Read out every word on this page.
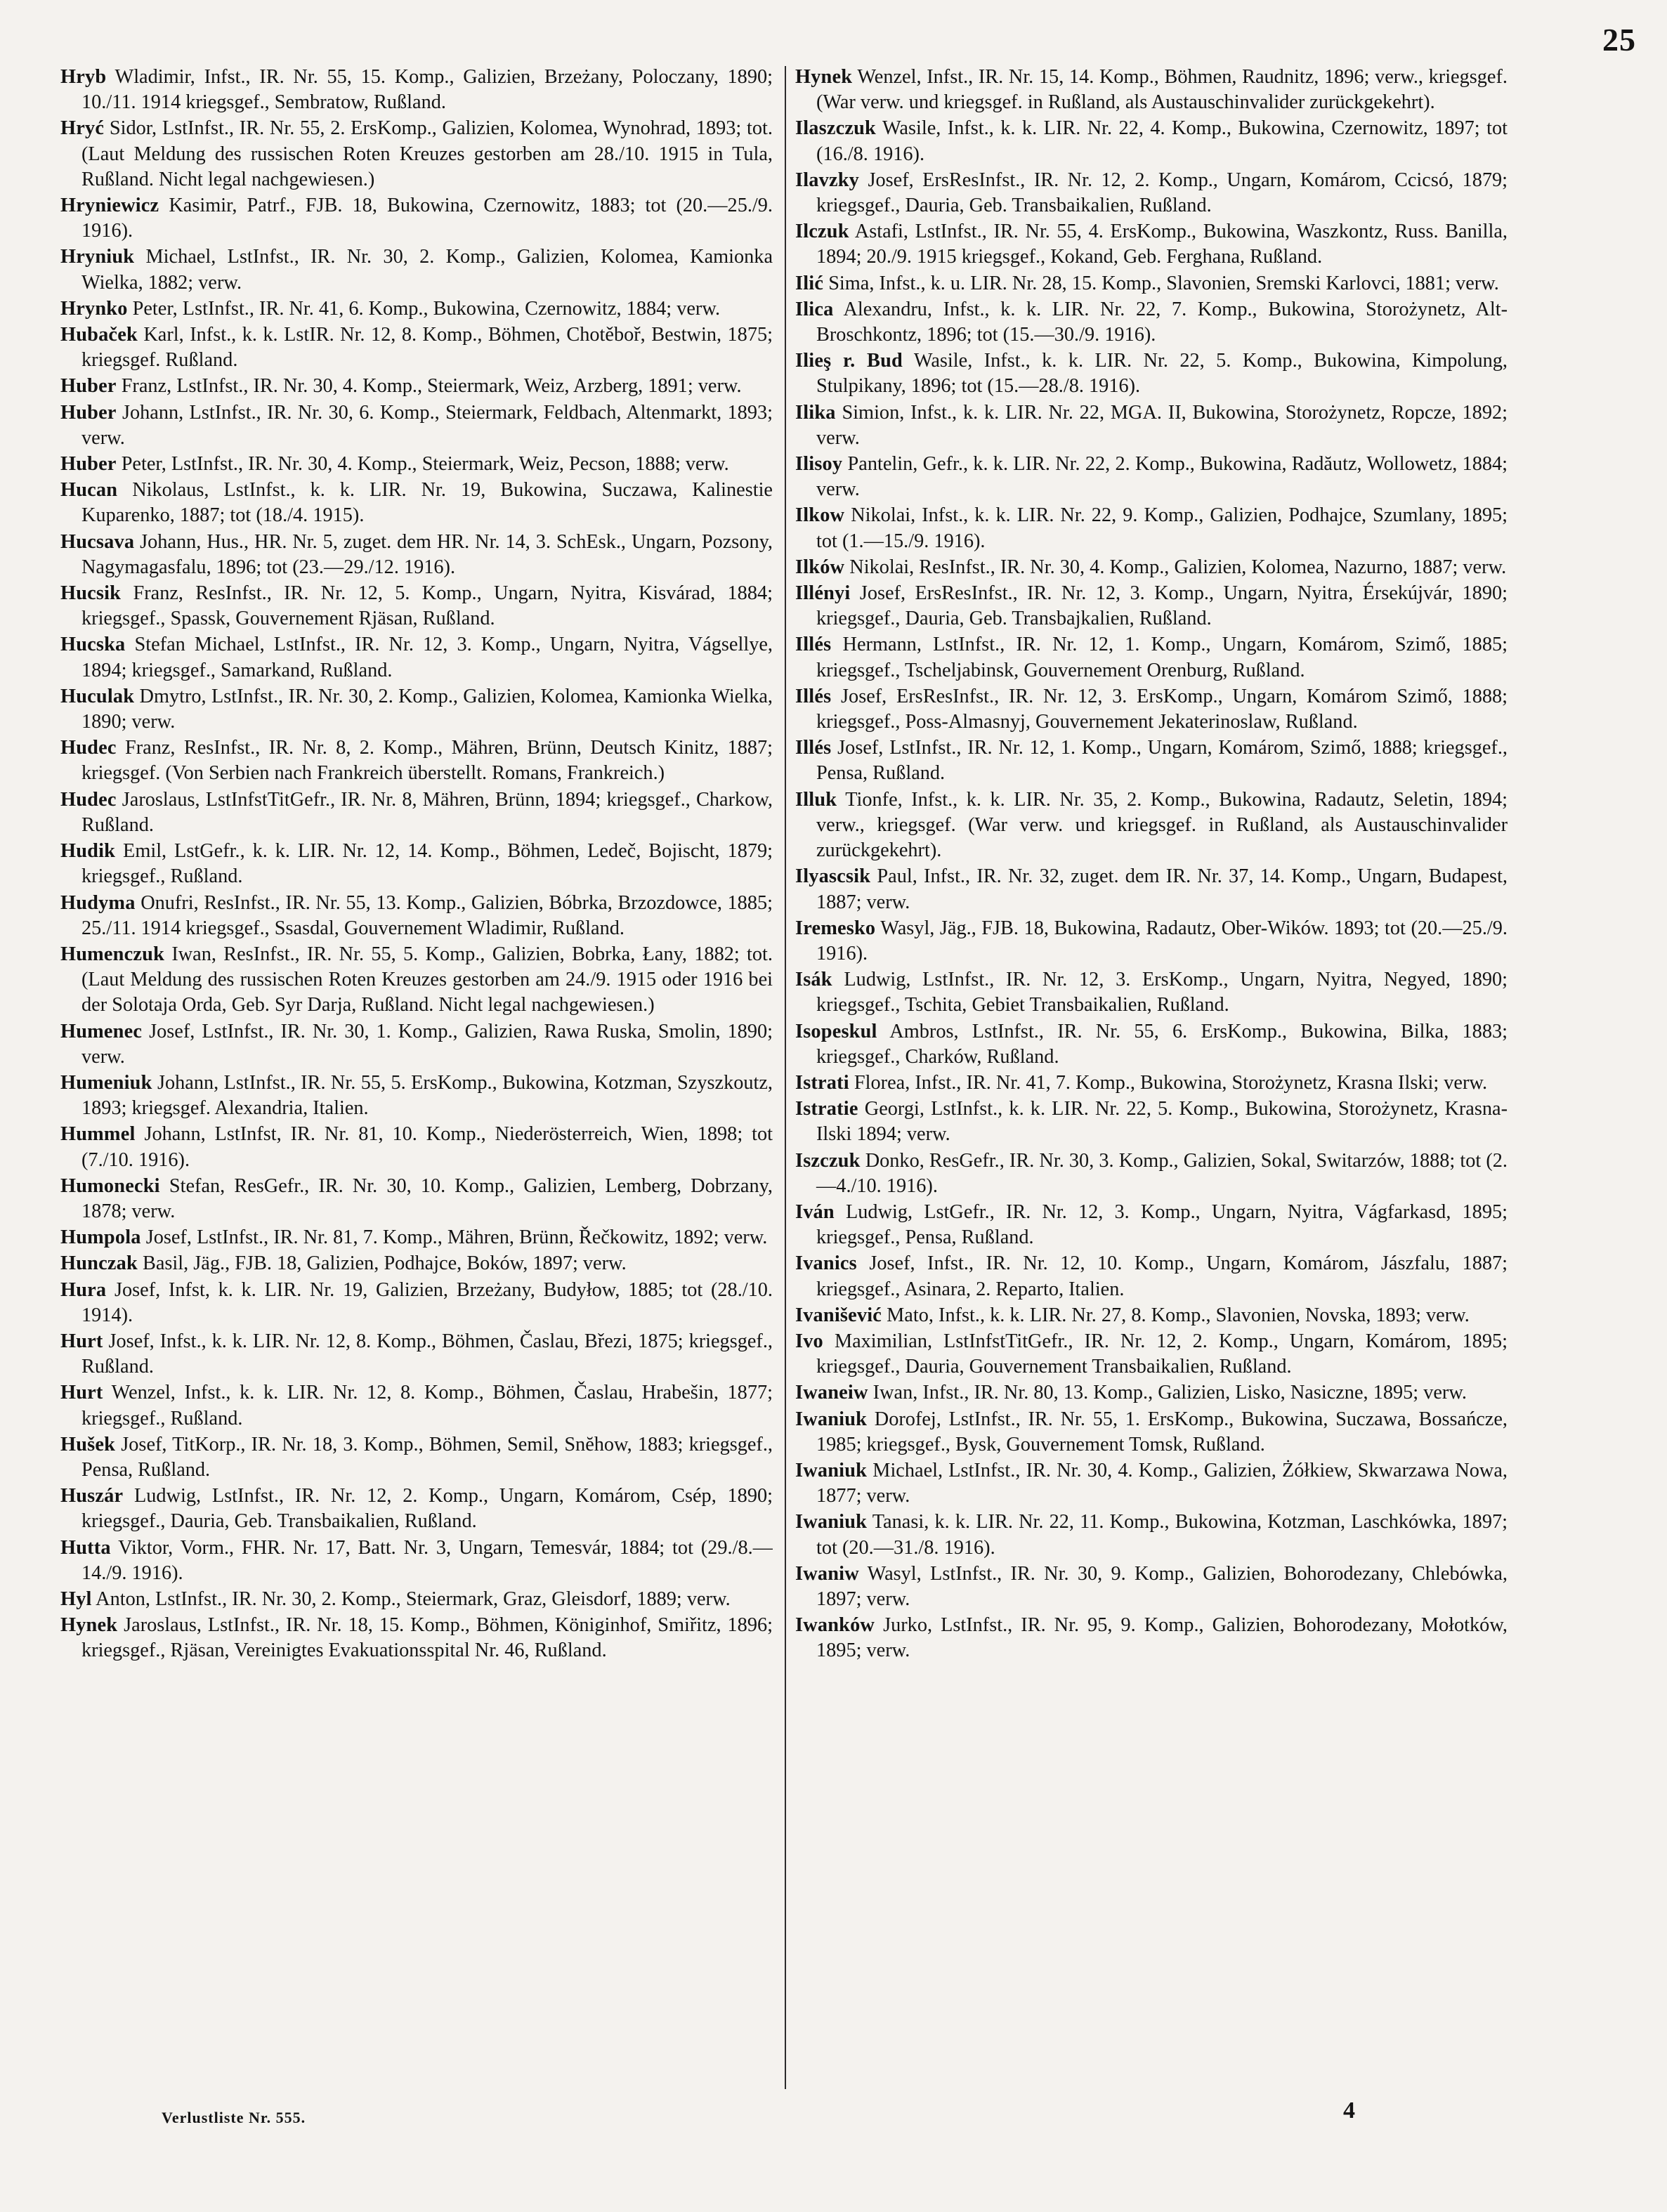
25

Hryb Wladimir, Infst., IR. Nr. 55, 15. Komp., Galizien, Brzeżany, Poloczany, 1890; 10./11. 1914 kriegsgef., Sembratow, Rußland.

Hryć Sidor, LstInfst., IR. Nr. 55, 2. ErsKomp., Galizien, Kolomea, Wynohrad, 1893; tot. (Laut Meldung des russischen Roten Kreuzes gestorben am 28./10. 1915 in Tula, Rußland. Nicht legal nachgewiesen.)

Hryniewicz Kasimir, Patrf., FJB. 18, Bukowina, Czernowitz, 1883; tot (20.—25./9. 1916).

Hryniuk Michael, LstInfst., IR. Nr. 30, 2. Komp., Galizien, Kolomea, Kamionka Wielka, 1882; verw.

Hrynko Peter, LstInfst., IR. Nr. 41, 6. Komp., Bukowina, Czernowitz, 1884; verw.

Hubaček Karl, Infst., k. k. LstIR. Nr. 12, 8. Komp., Böhmen, Chotěboř, Bestwin, 1875; kriegsgef. Rußland.

Huber Franz, LstInfst., IR. Nr. 30, 4. Komp., Steiermark, Weiz, Arzberg, 1891; verw.

Huber Johann, LstInfst., IR. Nr. 30, 6. Komp., Steiermark, Feldbach, Altenmarkt, 1893; verw.

Huber Peter, LstInfst., IR. Nr. 30, 4. Komp., Steiermark, Weiz, Pecson, 1888; verw.

Hucan Nikolaus, LstInfst., k. k. LIR. Nr. 19, Bukowina, Suczawa, Kalinestie Kuparenko, 1887; tot (18./4. 1915).

Hucsava Johann, Hus., HR. Nr. 5, zuget. dem HR. Nr. 14, 3. SchEsk., Ungarn, Pozsony, Nagymagasfalu, 1896; tot (23.—29./12. 1916).

Hucsik Franz, ResInfst., IR. Nr. 12, 5. Komp., Ungarn, Nyitra, Kisvárad, 1884; kriegsgef., Spassk, Gouvernement Rjäsan, Rußland.

Hucska Stefan Michael, LstInfst., IR. Nr. 12, 3. Komp., Ungarn, Nyitra, Vágsellye, 1894; kriegsgef., Samarkand, Rußland.

Huculak Dmytro, LstInfst., IR. Nr. 30, 2. Komp., Galizien, Kolomea, Kamionka Wielka, 1890; verw.

Hudec Franz, ResInfst., IR. Nr. 8, 2. Komp., Mähren, Brünn, Deutsch Kinitz, 1887; kriegsgef. (Von Serbien nach Frankreich überstellt. Romans, Frankreich.)

Hudec Jaroslaus, LstInfstTitGefr., IR. Nr. 8, Mähren, Brünn, 1894; kriegsgef., Charkow, Rußland.

Hudik Emil, LstGefr., k. k. LIR. Nr. 12, 14. Komp., Böhmen, Ledeč, Bojischt, 1879; kriegsgef., Rußland.

Hudyma Onufri, ResInfst., IR. Nr. 55, 13. Komp., Galizien, Bóbrka, Brzozdowce, 1885; 25./11. 1914 kriegsgef., Ssasdal, Gouvernement Wladimir, Rußland.

Humenczuk Iwan, ResInfst., IR. Nr. 55, 5. Komp., Galizien, Bobrka, Łany, 1882; tot. (Laut Meldung des russischen Roten Kreuzes gestorben am 24./9. 1915 oder 1916 bei der Solotaja Orda, Geb. Syr Darja, Rußland. Nicht legal nachgewiesen.)

Humenec Josef, LstInfst., IR. Nr. 30, 1. Komp., Galizien, Rawa Ruska, Smolin, 1890; verw.

Humeniuk Johann, LstInfst., IR. Nr. 55, 5. ErsKomp., Bukowina, Kotzman, Szyszkoutz, 1893; kriegsgef. Alexandria, Italien.

Hummel Johann, LstInfst, IR. Nr. 81, 10. Komp., Niederösterreich, Wien, 1898; tot (7./10. 1916).

Humonecki Stefan, ResGefr., IR. Nr. 30, 10. Komp., Galizien, Lemberg, Dobrzany, 1878; verw.

Humpola Josef, LstInfst., IR. Nr. 81, 7. Komp., Mähren, Brünn, Řečkowitz, 1892; verw.

Hunczak Basil, Jäg., FJB. 18, Galizien, Podhajce, Boków, 1897; verw.

Hura Josef, Infst, k. k. LIR. Nr. 19, Galizien, Brzeżany, Budyłow, 1885; tot (28./10. 1914).

Hurt Josef, Infst., k. k. LIR. Nr. 12, 8. Komp., Böhmen, Časlau, Březi, 1875; kriegsgef., Rußland.

Hurt Wenzel, Infst., k. k. LIR. Nr. 12, 8. Komp., Böhmen, Časlau, Hrabešin, 1877; kriegsgef., Rußland.

Hušek Josef, TitKorp., IR. Nr. 18, 3. Komp., Böhmen, Semil, Snĕhow, 1883; kriegsgef., Pensa, Rußland.

Huszár Ludwig, LstInfst., IR. Nr. 12, 2. Komp., Ungarn, Komárom, Csép, 1890; kriegsgef., Dauria, Geb. Transbaikalien, Rußland.

Hutta Viktor, Vorm., FHR. Nr. 17, Batt. Nr. 3, Ungarn, Temesvár, 1884; tot (29./8.—14./9. 1916).

Hyl Anton, LstInfst., IR. Nr. 30, 2. Komp., Steiermark, Graz, Gleisdorf, 1889; verw.

Hynek Jaroslaus, LstInfst., IR. Nr. 18, 15. Komp., Böhmen, Königinhof, Smiřitz, 1896; kriegsgef., Rjäsan, Vereinigtes Evakuationsspital Nr. 46, Rußland.

Hynek Wenzel, Infst., IR. Nr. 15, 14. Komp., Böhmen, Raudnitz, 1896; verw., kriegsgef. (War verw. und kriegsgef. in Rußland, als Austauschinvalider zurückgekehrt).

Ilaszczuk Wasile, Infst., k. k. LIR. Nr. 22, 4. Komp., Bukowina, Czernowitz, 1897; tot (16./8. 1916).

Ilavzky Josef, ErsResInfst., IR. Nr. 12, 2. Komp., Ungarn, Komárom, Ccicsó, 1879; kriegsgef., Dauria, Geb. Transbaikalien, Rußland.

Ilczuk Astafi, LstInfst., IR. Nr. 55, 4. ErsKomp., Bukowina, Waszkontz, Russ. Banilla, 1894; 20./9. 1915 kriegsgef., Kokand, Geb. Ferghana, Rußland.

Ilić Sima, Infst., k. u. LIR. Nr. 28, 15. Komp., Slavonien, Sremski Karlovci, 1881; verw.

Ilica Alexandru, Infst., k. k. LIR. Nr. 22, 7. Komp., Bukowina, Storożynetz, Alt-Broschkontz, 1896; tot (15.—30./9. 1916).

Ilieş r. Bud Wasile, Infst., k. k. LIR. Nr. 22, 5. Komp., Bukowina, Kimpolung, Stulpikany, 1896; tot (15.—28./8. 1916).

Ilika Simion, Infst., k. k. LIR. Nr. 22, MGA. II, Bukowina, Storożynetz, Ropcze, 1892; verw.

Ilisoy Pantelin, Gefr., k. k. LIR. Nr. 22, 2. Komp., Bukowina, Radăutz, Wollowetz, 1884; verw.

Ilkow Nikolai, Infst., k. k. LIR. Nr. 22, 9. Komp., Galizien, Podhajce, Szumlany, 1895; tot (1.—15./9. 1916).

Ilków Nikolai, ResInfst., IR. Nr. 30, 4. Komp., Galizien, Kolomea, Nazurno, 1887; verw.

Illényi Josef, ErsResInfst., IR. Nr. 12, 3. Komp., Ungarn, Nyitra, Érsekújvár, 1890; kriegsgef., Dauria, Geb. Transbajkalien, Rußland.

Illés Hermann, LstInfst., IR. Nr. 12, 1. Komp., Ungarn, Komárom, Szimő, 1885; kriegsgef., Tscheljabinsk, Gouvernement Orenburg, Rußland.

Illés Josef, ErsResInfst., IR. Nr. 12, 3. ErsKomp., Ungarn, Komárom Szimő, 1888; kriegsgef., Poss-Almasnyj, Gouvernement Jekaterinoslaw, Rußland.

Illés Josef, LstInfst., IR. Nr. 12, 1. Komp., Ungarn, Komárom, Szimő, 1888; kriegsgef., Pensa, Rußland.

Illuk Tionfe, Infst., k. k. LIR. Nr. 35, 2. Komp., Bukowina, Radautz, Seletin, 1894; verw., kriegsgef. (War verw. und kriegsgef. in Rußland, als Austauschinvalider zurückgekehrt).

Ilyascsik Paul, Infst., IR. Nr. 32, zuget. dem IR. Nr. 37, 14. Komp., Ungarn, Budapest, 1887; verw.

Iremesko Wasyl, Jäg., FJB. 18, Bukowina, Radautz, Ober-Wików. 1893; tot (20.—25./9. 1916).

Isák Ludwig, LstInfst., IR. Nr. 12, 3. ErsKomp., Ungarn, Nyitra, Negyed, 1890; kriegsgef., Tschita, Gebiet Transbaikalien, Rußland.

Isopeskul Ambros, LstInfst., IR. Nr. 55, 6. ErsKomp., Bukowina, Bilka, 1883; kriegsgef., Charków, Rußland.

Istrati Florea, Infst., IR. Nr. 41, 7. Komp., Bukowina, Storożynetz, Krasna Ilski; verw.

Istratie Georgi, LstInfst., k. k. LIR. Nr. 22, 5. Komp., Bukowina, Storożynetz, Krasna-Ilski 1894; verw.

Iszczuk Donko, ResGefr., IR. Nr. 30, 3. Komp., Galizien, Sokal, Switarzów, 1888; tot (2.—4./10. 1916).

Iván Ludwig, LstGefr., IR. Nr. 12, 3. Komp., Ungarn, Nyitra, Vágfarkasd, 1895; kriegsgef., Pensa, Rußland.

Ivanics Josef, Infst., IR. Nr. 12, 10. Komp., Ungarn, Komárom, Jászfalu, 1887; kriegsgef., Asinara, 2. Reparto, Italien.

Ivanišević Mato, Infst., k. k. LIR. Nr. 27, 8. Komp., Slavonien, Novska, 1893; verw.

Ivo Maximilian, LstInfstTitGefr., IR. Nr. 12, 2. Komp., Ungarn, Komárom, 1895; kriegsgef., Dauria, Gouvernement Transbaikalien, Rußland.

Iwaneiw Iwan, Infst., IR. Nr. 80, 13. Komp., Galizien, Lisko, Nasiczne, 1895; verw.

Iwaniuk Dorofej, LstInfst., IR. Nr. 55, 1. ErsKomp., Bukowina, Suczawa, Bossańcze, 1985; kriegsgef., Bysk, Gouvernement Tomsk, Rußland.

Iwaniuk Michael, LstInfst., IR. Nr. 30, 4. Komp., Galizien, Żółkiew, Skwarzawa Nowa, 1877; verw.

Iwaniuk Tanasi, k. k. LIR. Nr. 22, 11. Komp., Bukowina, Kotzman, Laschkówka, 1897; tot (20.—31./8. 1916).

Iwaniw Wasyl, LstInfst., IR. Nr. 30, 9. Komp., Galizien, Bohorodezany, Chlebówka, 1897; verw.

Iwanków Jurko, LstInfst., IR. Nr. 95, 9. Komp., Galizien, Bohorodezany, Mołotków, 1895; verw.

Verlustliste Nr. 555.	4
